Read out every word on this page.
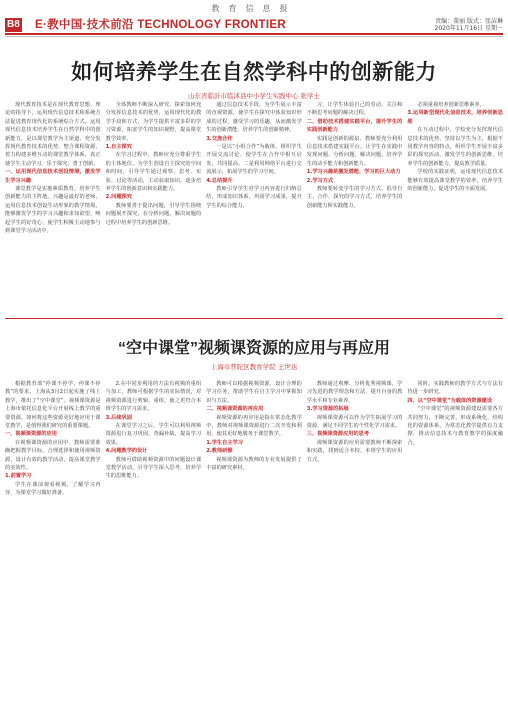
教育信息报
B8 E·教中国·技术前沿 TECHNOLOGY FRONTIER	责编：董丽 版式：张洁琳
2020年11月16日 星期一
如何培养学生在自然学科中的创新能力
山东省临沂市临沭县中小学生实践中心 张学士

现代教育技术是在现代教育思想、理论的指导下，运用现代信息技术和系统方法促进教育现代化的系统综合方式。运用现代信息技术培养学生在自然学科中的创新能力，是以课堂教学为主渠道，充分发挥现代教育技术的优势，整合课程资源，着力构建多维互动的课堂教学体系，真正使学生主动学习、乐于探究、勇于创新。

一、运用现代信息技术创设情境，激发学生学习兴趣

课堂教学是实施素质教育、培养学生创新能力的主阵地。兴趣是最好的老师，运用信息技术创设生动形象的教学情境，能够激发学生的学习兴趣和求知欲望，唤起学生的好奇心，使学生积极主动地参与到课堂学习活动中。

全体教师不断深入研究、探索如何充分发挥信息技术的优势，运用现代化的教学手段和方式，为学生提供丰富多彩的学习资源，拓宽学生的知识视野，提高课堂教学效率。

1.自主探究

在学习过程中，教师应充分尊重学生的主体地位，为学生创设自主探究的空间和时间，引导学生通过观察、思考、实验、讨论等活动，主动获取知识，逐步培养学生的创新意识和实践能力。

2.问题探究

教师要善于提出问题，引导学生围绕问题展开探究，在分析问题、解决问题的过程中培养学生的创新思维。

通过信息技术手段，为学生展示丰富的直观资源，使学生在探究中体验知识形成的过程，感受学习的乐趣，从而激发学生的创新潜能，培养学生的创新精神。

3.交流合作

一是以“小组合作”为载体，组织学生开展交流讨论，使学生在合作中相互启发，共同提高。二是利用网络平台进行交流展示，拓展学生的学习空间。

4.总结提升

教师引导学生对学习内容进行归纳总结，形成知识体系，巩固学习成果，提升学生的综合能力。

习，让学生体验自己的劳动，关注和不断思考问题的解决过程。

二、借助技术搭建实践平台，提升学生的实践创新能力

实践是创新的源泉。教师要充分利用信息技术搭建实践平台，让学生在实践中发现问题、分析问题、解决问题，培养学生的动手能力和创新能力。

1.学习兴趣是激发潜能、学习的巨大动力

2.学习方式

教师要转变学生的学习方式，倡导自主、合作、探究的学习方式，培养学生的创新能力和实践能力。

必须重视培养创新思维素养。

3.运用新型现代化信息技术，培养创新思维

在互动过程中，学校充分发挥现代信息技术的优势，坚持以学生为主，根据不同教学内容的特点，组织学生开展丰富多彩的探究活动，激发学生的创新思维，培养学生的创新能力，提高教学质量。

学校的实践证明，运用现代信息技术能够有效提高课堂教学的效率，培养学生的创新能力，促进学生的全面发展。

“空中课堂”视频课资源的应用与再应用
上海市普陀区教育学院 王世达

根据教育部“停课不停学、停课不停教”的要求，上海从3月2日起实施了线上教学，推出了“空中课堂”。视频课资源是上海市依托信息化平台开展线上教学的重要资源，如何将这些资源更好地应用于课堂教学，是值得我们研究的重要课题。

一、视频课资源的应用

在视频课资源的应用中，教师需要准确把握教学目标，合理选择和使用视频资源，设计有效的教学活动，提高课堂教学的实效性。

1.前置学习

学生在课前观看视频，了解学习内容，为课堂学习做好准备。

2.在中同步利用的方法有视频的重组与加工，教师可根据学生的实际情况，对视频资源进行剪辑、重组，使之更符合本班学生的学习需求。

3.后续巩固

在课堂学习之后，学生可以利用视频资源进行复习巩固，查漏补缺，提高学习效果。

4.问题教学的设计

教师可借助视频资源中的问题设计课堂教学活动，引导学生深入思考，培养学生的思维能力。

教师可以根据视频资源，设计合理的学习任务，帮助学生在自主学习中掌握知识与方法。

二、视频课资源的再应用

视频资源的再应用是指在常态化教学中，教师对视频课资源进行二次开发和利用，使其更好地服务于课堂教学。

1.学生自主学习

2.教师研修

视频课资源为教师的专业发展提供了丰富的研究素材。

教师通过观摩、分析优秀视频课，学习先进的教学理念和方法，提升自身的教学水平和专业素养。

3.学习资源的拓展

视频课资源可以作为学生拓展学习的资源，满足不同学生的个性化学习需求。

三、视频课资源应用的思考

视频课资源的应用需要教师不断探索和实践，找到适合本校、本班学生的应用方式。

同时，实践教师的教学方式与方法有待进一步研究。

四、以“空中课堂”为载体的资源建设

“空中课堂”的视频资源建设需要各方共同努力，不断完善，形成系统化、结构化的资源体系，为常态化教学提供有力支撑，推动信息技术与教育教学的深度融合。
